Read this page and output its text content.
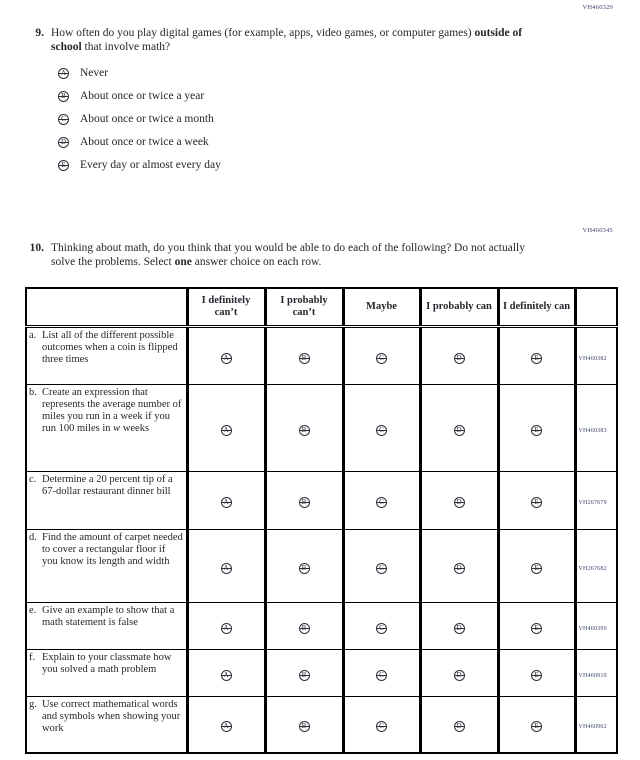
VH460329
9. How often do you play digital games (for example, apps, video games, or computer games) outside of school that involve math?
A Never
B About once or twice a year
C About once or twice a month
D About once or twice a week
E Every day or almost every day
VH460345
10. Thinking about math, do you think that you would be able to do each of the following? Do not actually solve the problems. Select one answer choice on each row.
	I definitely can’t	I probably can’t	Maybe	I probably can	I definitely can	

a. List all of the different possible outcomes when a coin is flipped three times	A	B	C	D	E	VH460382

b. Create an expression that represents the average number of miles you run in a week if you run 100 miles in w weeks	A	B	C	D	E	VH460383

c. Determine a 20 percent tip of a 67-dollar restaurant dinner bill	A	B	C	D	E	VH267679

d. Find the amount of carpet needed to cover a rectangular floor if you know its length and width	A	B	C	D	E	VH267682

e. Give an example to show that a math statement is false	A	B	C	D	E	VH460399

f. Explain to your classmate how you solved a math problem	A	B	C	D	E	VH460910

g. Use correct mathematical words and symbols when showing your work	A	B	C	D	E	VH460902
